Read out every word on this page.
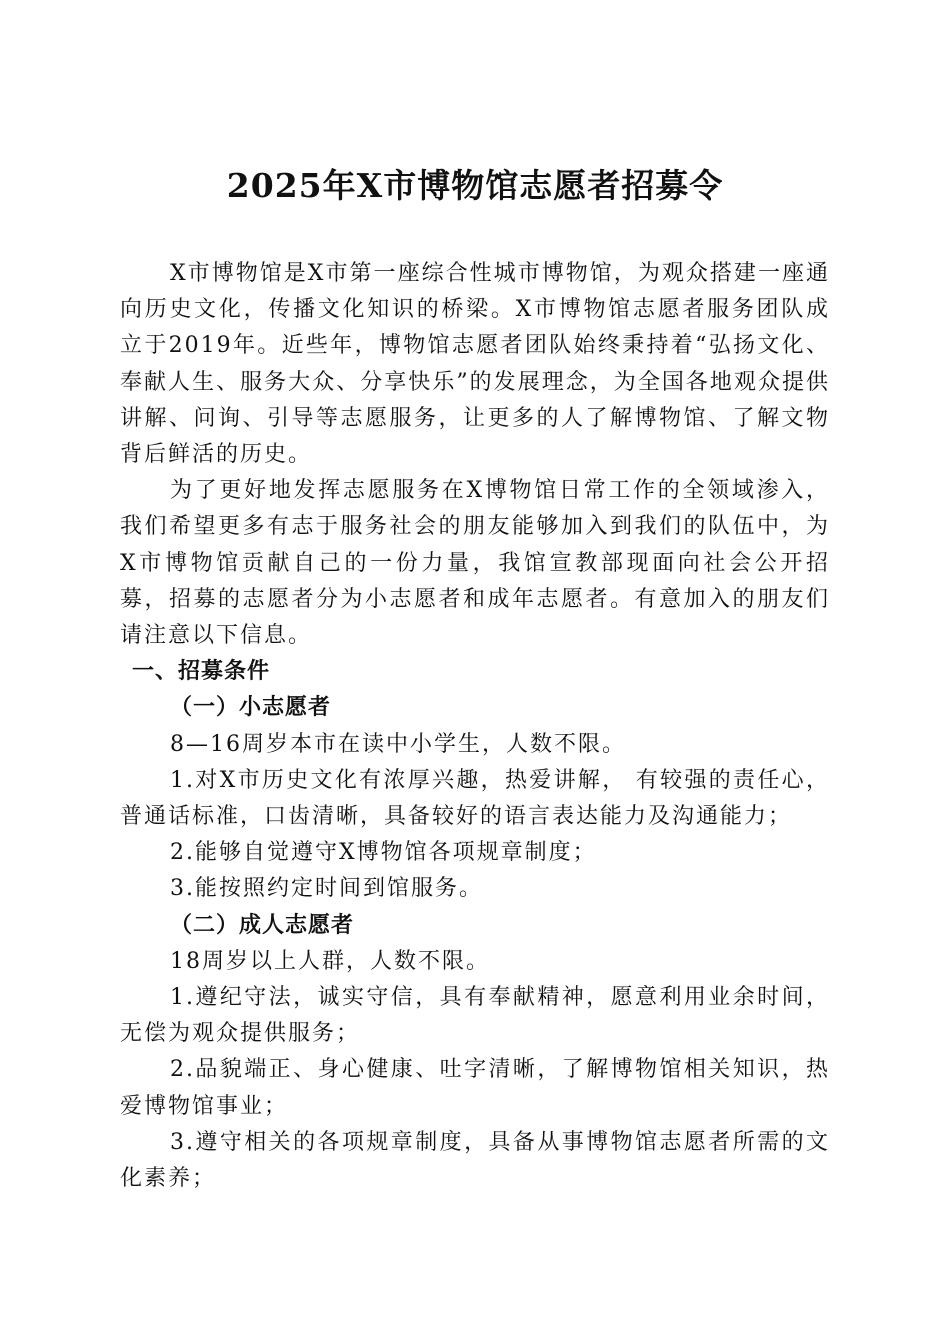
2025年X市博物馆志愿者招募令

X市博物馆是X市第一座综合性城市博物馆，为观众搭建一座通向历史文化，传播文化知识的桥梁。X市博物馆志愿者服务团队成立于2019年。近些年，博物馆志愿者团队始终秉持着“弘扬文化、奉献人生、服务大众、分享快乐”的发展理念，为全国各地观众提供讲解、问询、引导等志愿服务，让更多的人了解博物馆、了解文物背后鲜活的历史。

为了更好地发挥志愿服务在X博物馆日常工作的全领域渗入，我们希望更多有志于服务社会的朋友能够加入到我们的队伍中，为X市博物馆贡献自己的一份力量，我馆宣教部现面向社会公开招募，招募的志愿者分为小志愿者和成年志愿者。有意加入的朋友们请注意以下信息。

一、招募条件

（一）小志愿者

8—16周岁本市在读中小学生，人数不限。

1.对X市历史文化有浓厚兴趣，热爱讲解， 有较强的责任心，普通话标准，口齿清晰，具备较好的语言表达能力及沟通能力；

2.能够自觉遵守X博物馆各项规章制度；

3.能按照约定时间到馆服务。

（二）成人志愿者

18周岁以上人群，人数不限。

1.遵纪守法，诚实守信，具有奉献精神，愿意利用业余时间，无偿为观众提供服务；

2.品貌端正、身心健康、吐字清晰，了解博物馆相关知识，热爱博物馆事业；

3.遵守相关的各项规章制度，具备从事博物馆志愿者所需的文化素养；
